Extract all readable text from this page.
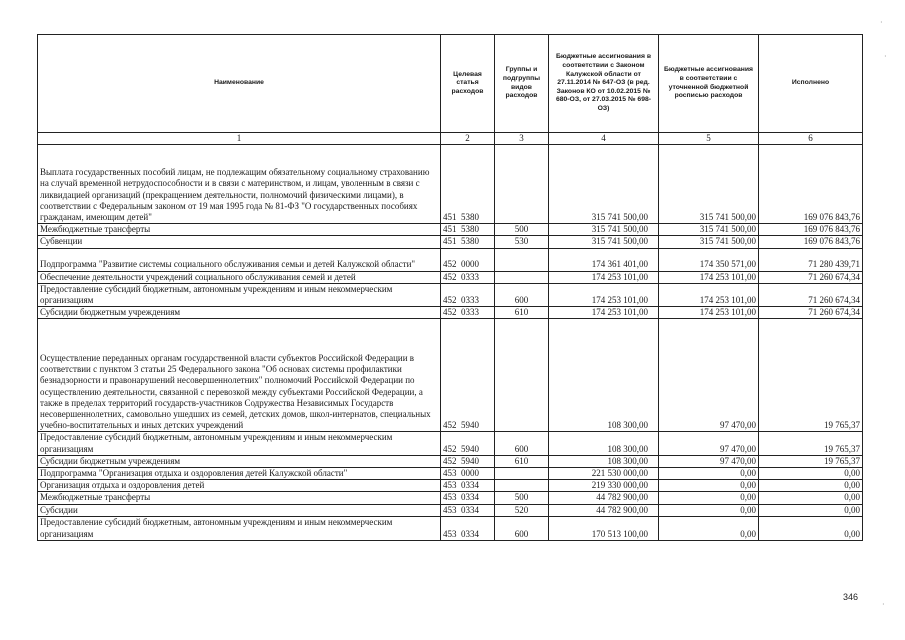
Наименование	Целевая статья расходов	Группы и подгруппы видов расходов	Бюджетные ассигнования в соответствии с Законом Калужской области от 27.11.2014 № 647-ОЗ (в ред. Законов КО от 10.02.2015 № 680-ОЗ, от 27.03.2015 № 698-ОЗ)	Бюджетные ассигнования в соответствии с уточненной бюджетной росписью расходов	Исполнено
1	2	3	4	5	6
Выплата государственных пособий лицам, не подлежащим обязательному социальному страхованию на случай временной нетрудоспособности и в связи с материнством, и лицам, уволенным в связи с ликвидацией организаций (прекращением деятельности, полномочий физическими лицами), в соответствии с Федеральным законом от 19 мая 1995 года № 81-ФЗ "О государственных пособиях гражданам, имеющим детей"	451  5380		315 741 500,00	315 741 500,00	169 076 843,76
Межбюджетные трансферты	451  5380	500	315 741 500,00	315 741 500,00	169 076 843,76
Субвенции	451  5380	530	315 741 500,00	315 741 500,00	169 076 843,76
Подпрограмма "Развитие системы социального обслуживания семьи и детей Калужской области"	452  0000		174 361 401,00	174 350 571,00	71 280 439,71
Обеспечение деятельности учреждений социального обслуживания семей и детей	452  0333		174 253 101,00	174 253 101,00	71 260 674,34
Предоставление субсидий бюджетным, автономным учреждениям и иным некоммерческим организациям	452  0333	600	174 253 101,00	174 253 101,00	71 260 674,34
Субсидии бюджетным учреждениям	452  0333	610	174 253 101,00	174 253 101,00	71 260 674,34
Осуществление переданных органам государственной власти субъектов Российской Федерации в соответствии с пунктом 3 статьи 25 Федерального закона "Об основах системы профилактики безнадзорности и правонарушений несовершеннолетних" полномочий Российской Федерации по осуществлению деятельности, связанной с перевозкой между субъектами Российской Федерации, а также в пределах территорий государств-участников Содружества Независимых Государств несовершеннолетних, самовольно ушедших из семей, детских домов, школ-интернатов, специальных учебно-воспитательных и иных детских учреждений	452  5940		108 300,00	97 470,00	19 765,37
Предоставление субсидий бюджетным, автономным учреждениям и иным некоммерческим организациям	452  5940	600	108 300,00	97 470,00	19 765,37
Субсидии бюджетным учреждениям	452  5940	610	108 300,00	97 470,00	19 765,37
Подпрограмма "Организация отдыха и оздоровления детей Калужской области"	453  0000		221 530 000,00	0,00	0,00
Организация отдыха и оздоровления детей	453  0334		219 330 000,00	0,00	0,00
Межбюджетные трансферты	453  0334	500	44 782 900,00	0,00	0,00
Субсидии	453  0334	520	44 782 900,00	0,00	0,00
Предоставление субсидий бюджетным, автономным учреждениям и иным некоммерческим организациям	453  0334	600	170 513 100,00	0,00	0,00
346
·
·
·
